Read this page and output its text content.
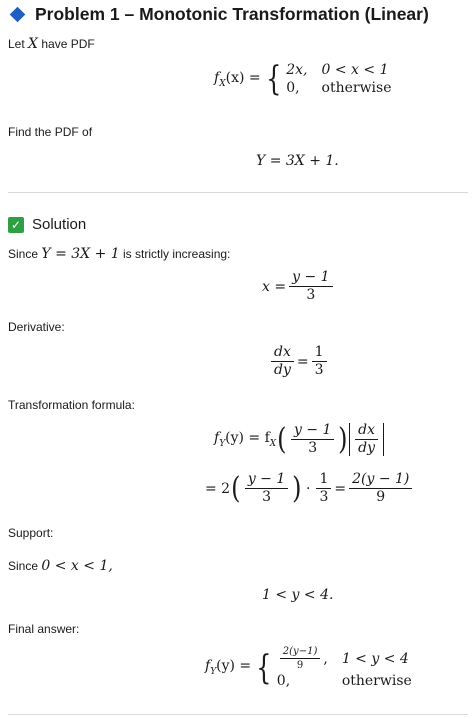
Problem 1 – Monotonic Transformation (Linear)
Let X have PDF
$f_X(x)$ = { 2x, 0 < x < 1
0,	otherwise
Find the PDF of
Y = 3X + 1.
✓ Solution
Since Y = 3X + 1 is strictly increasing:
$x = \frac{y - 1}{3}$
Derivative:
$\frac{dx}{dy} = \frac{1}{3}$
Transformation formula:
$f_Y(y) = f_X$ ( $\frac{y - 1}{3}$ ) $\frac{dx}{dy}$
= 2 ( $\frac{y - 1}{3}$ ) · $\frac{1}{3} = \frac{2(y - 1)}{9}$
Support:
Since 0 < x < 1,
1 < y < 4.
Final answer:
$f_Y(y)$ = { $\frac{2(y-1)}{9}$ , 1 < y < 4
0,	otherwise
